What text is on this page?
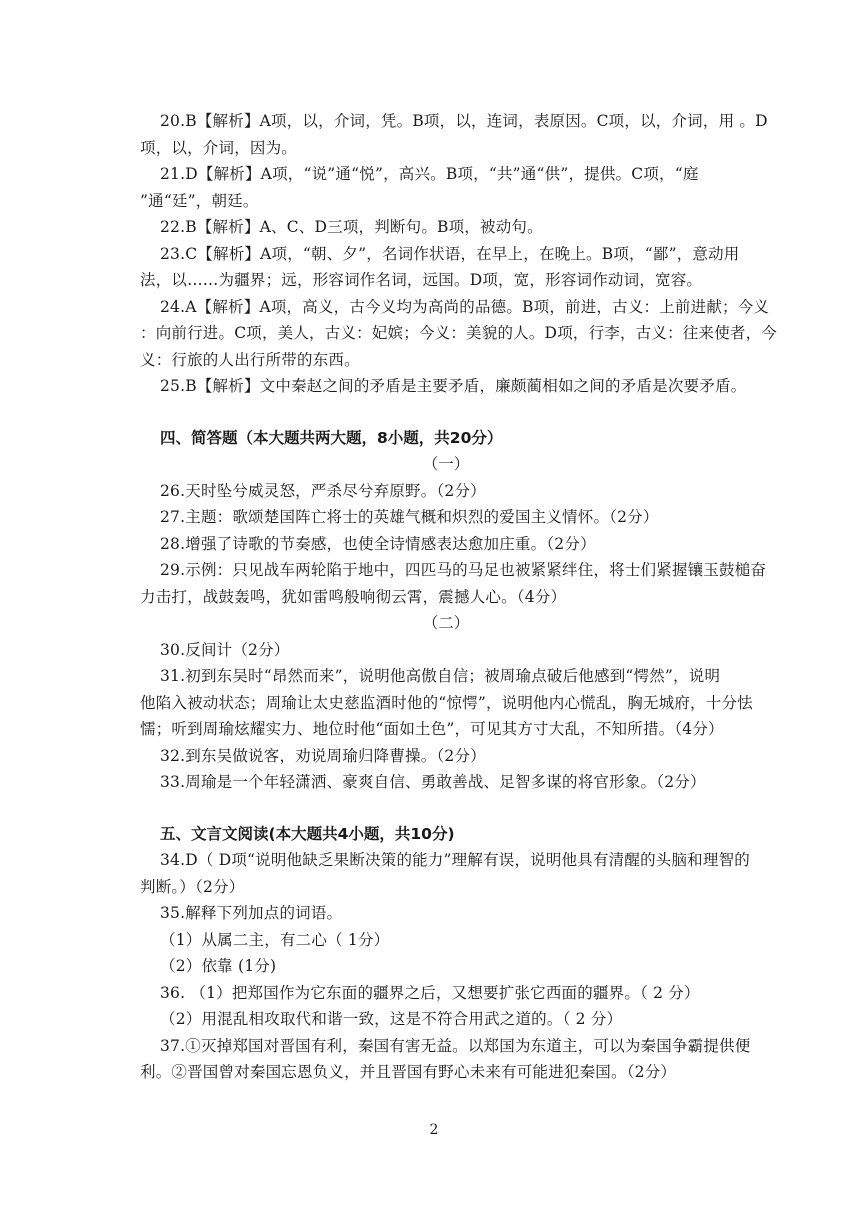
20.B【解析】A项，以，介词，凭。B项，以，连词，表原因。C项，以，介词，用 。D
项，以，介词，因为。
21.D【解析】A项，“说”通“悦”，高兴。B项，“共”通“供”，提供。C项，“庭
”通“廷”，朝廷。
22.B【解析】A、C、D三项，判断句。B项，被动句。
23.C【解析】A项，“朝、夕”，名词作状语，在早上，在晚上。B项，“鄙”，意动用
法，以……为疆界；远，形容词作名词，远国。D项，宽，形容词作动词，宽容。
24.A【解析】A项，高义，古今义均为高尚的品德。B项，前进，古义：上前进献；今义
：向前行进。C项，美人，古义：妃嫔；今义：美貌的人。D项，行李，古义：往来使者，今
义：行旅的人出行所带的东西。
25.B【解析】文中秦赵之间的矛盾是主要矛盾，廉颇蔺相如之间的矛盾是次要矛盾。
四、简答题（本大题共两大题，8小题，共20分）
（一）
26.天时坠兮威灵怒，严杀尽兮弃原野。（2分）
27.主题：歌颂楚国阵亡将士的英雄气概和炽烈的爱国主义情怀。（2分）
28.增强了诗歌的节奏感，也使全诗情感表达愈加庄重。（2分）
29.示例：只见战车两轮陷于地中，四匹马的马足也被紧紧绊住，将士们紧握镶玉鼓槌奋
力击打，战鼓轰鸣，犹如雷鸣般响彻云霄，震撼人心。（4分）
（二）
30.反间计（2分）
31.初到东吴时“昂然而来”，说明他高傲自信；被周瑜点破后他感到“愕然”，说明
他陷入被动状态；周瑜让太史慈监酒时他的“惊愕”，说明他内心慌乱，胸无城府，十分怯
懦；听到周瑜炫耀实力、地位时他“面如土色”，可见其方寸大乱，不知所措。（4分）
32.到东吴做说客，劝说周瑜归降曹操。（2分）
33.周瑜是一个年轻潇洒、豪爽自信、勇敢善战、足智多谋的将官形象。（2分）
五、文言文阅读(本大题共4小题，共10分)
34.D（ D项“说明他缺乏果断决策的能力”理解有误，说明他具有清醒的头脑和理智的
判断。）（2分）
35.解释下列加点的词语。
（1）从属二主，有二心（ 1分）
（2）依靠 (1分)
36. （1）把郑国作为它东面的疆界之后，又想要扩张它西面的疆界。（ 2 分）
（2）用混乱相攻取代和谐一致，这是不符合用武之道的。（ 2 分）
37.①灭掉郑国对晋国有利，秦国有害无益。以郑国为东道主，可以为秦国争霸提供便
利。②晋国曾对秦国忘恩负义，并且晋国有野心未来有可能进犯秦国。（2分）
2
